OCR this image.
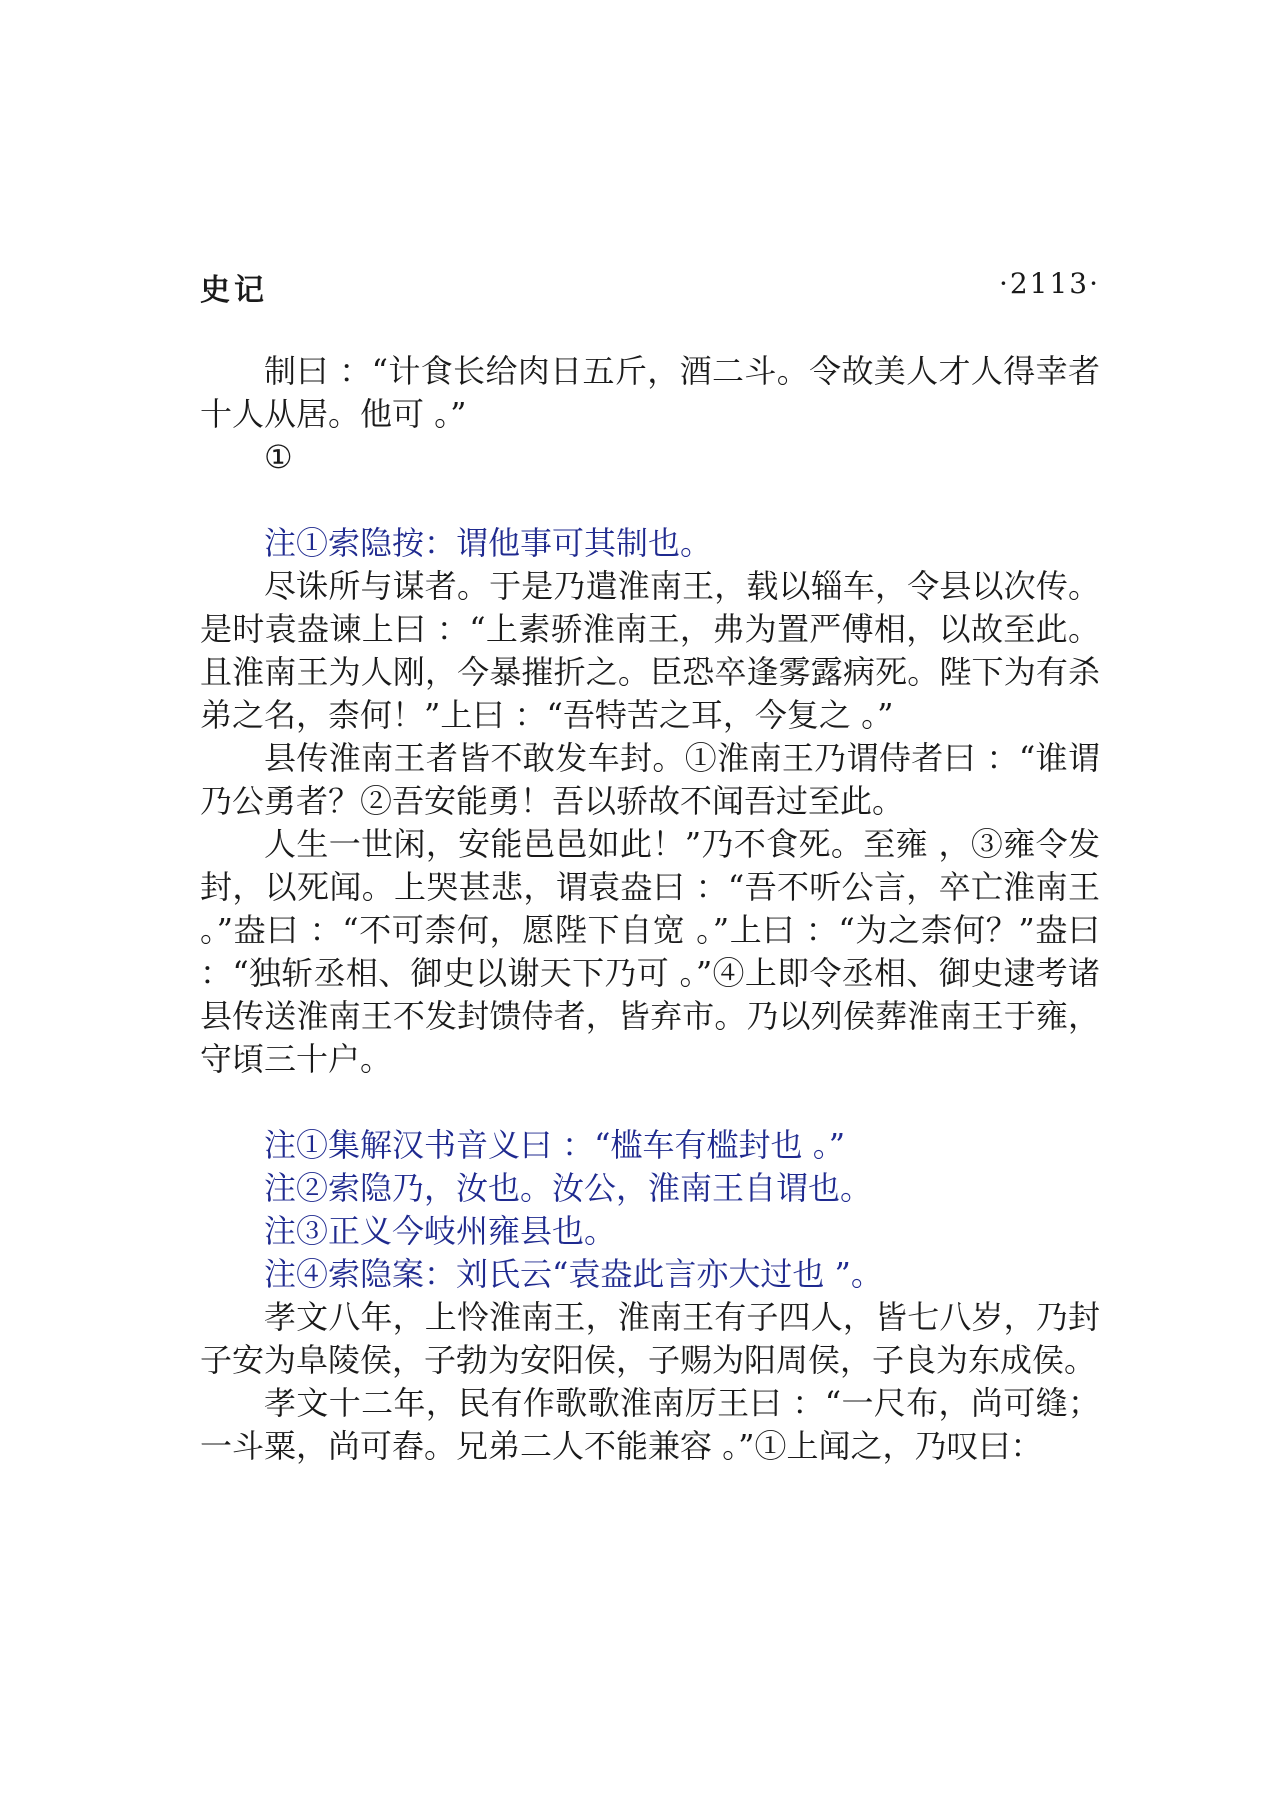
史记	·2113·

制曰 ：“计食长给肉日五斤，酒二斗。令故美人才人得幸者十人从居。他可 。”

①

注①索隐按：谓他事可其制也。

尽诛所与谋者。于是乃遣淮南王，载以辎车，令县以次传。是时袁盎谏上曰 ：“上素骄淮南王，弗为置严傅相，以故至此。且淮南王为人刚，今暴摧折之。臣恐卒逢雾露病死。陛下为有杀弟之名，柰何！”上曰 ：“吾特苦之耳，今复之 。”

县传淮南王者皆不敢发车封。①淮南王乃谓侍者曰 ：“谁谓乃公勇者？②吾安能勇！吾以骄故不闻吾过至此。

人生一世闲，安能邑邑如此！”乃不食死。至雍 ，③雍令发封，以死闻。上哭甚悲，谓袁盎曰 ：“吾不听公言，卒亡淮南王 。”盎曰 ：“不可柰何，愿陛下自宽 。”上曰 ：“为之柰何？”盎曰 ：“独斩丞相、御史以谢天下乃可 。”④上即令丞相、御史逮考诸县传送淮南王不发封馈侍者，皆弃市。乃以列侯葬淮南王于雍，守頃三十户。

注①集解汉书音义曰 ：“槛车有槛封也 。”

注②索隐乃，汝也。汝公，淮南王自谓也。

注③正义今岐州雍县也。

注④索隐案：刘氏云“袁盎此言亦大过也 ”。

孝文八年，上怜淮南王，淮南王有子四人，皆七八岁，乃封子安为阜陵侯，子勃为安阳侯，子赐为阳周侯，子良为东成侯。

孝文十二年，民有作歌歌淮南厉王曰 ：“一尺布，尚可缝；一斗粟，尚可舂。兄弟二人不能兼容 。”①上闻之，乃叹曰：
